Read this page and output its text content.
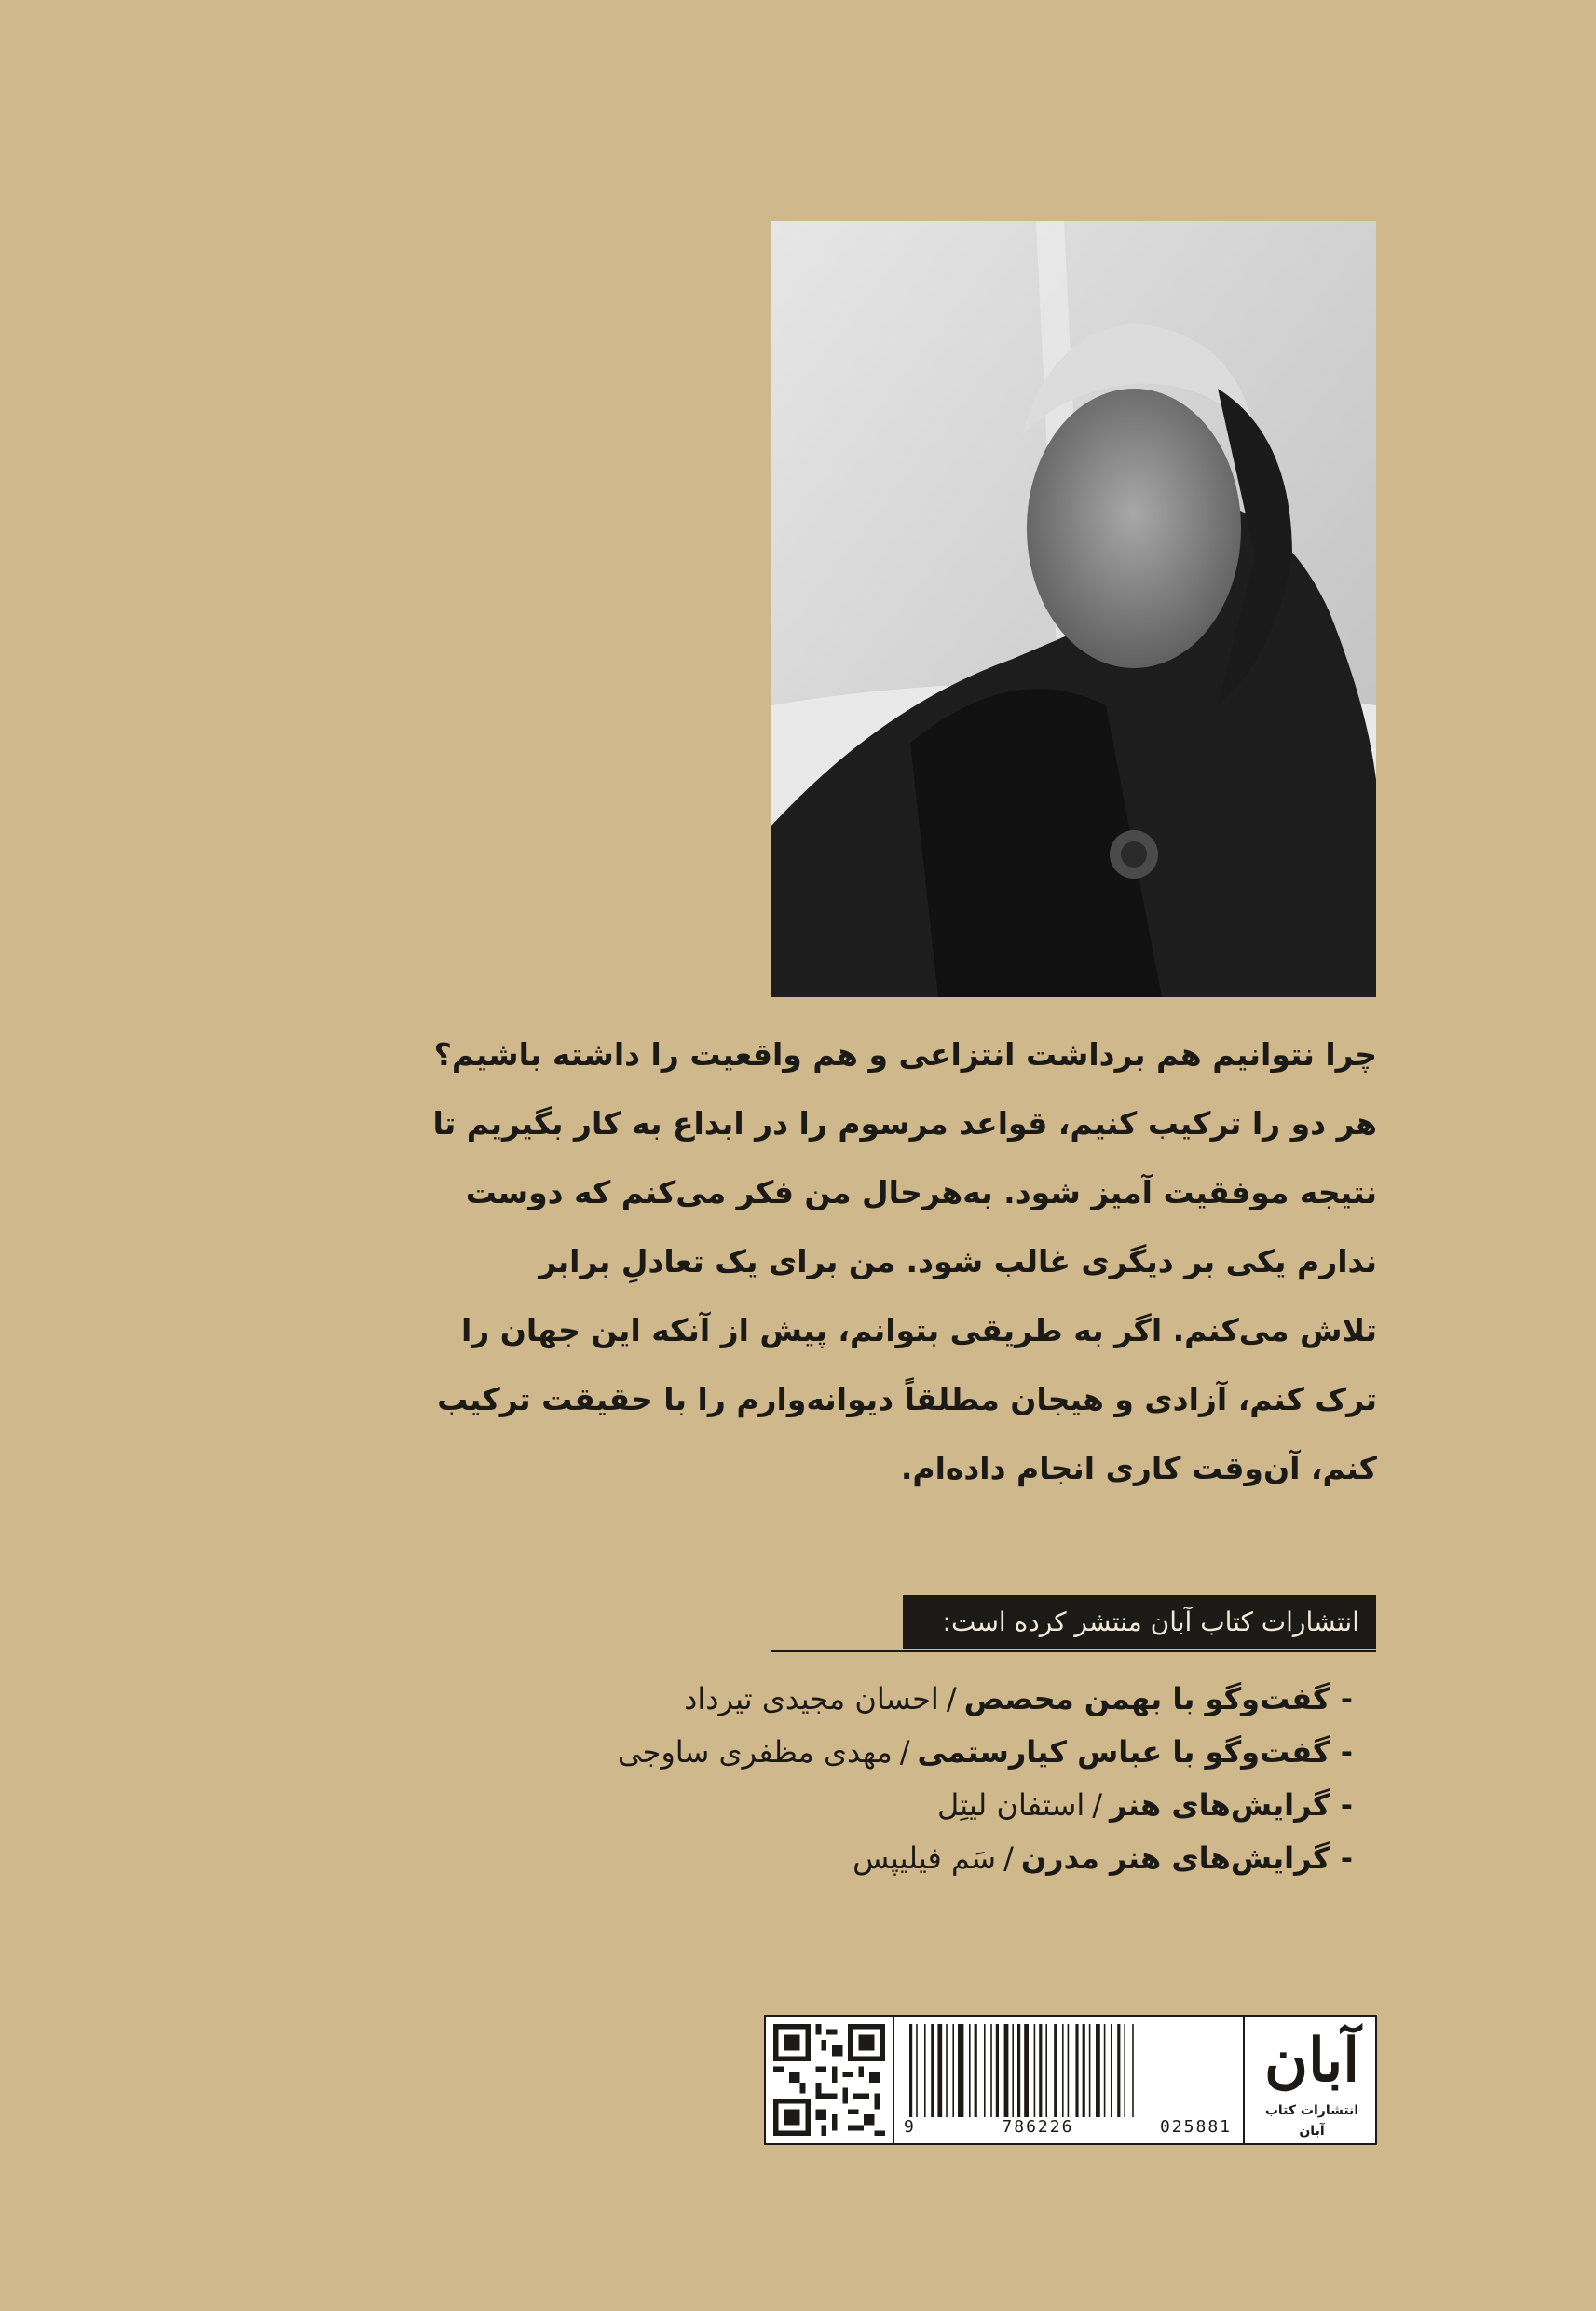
چرا نتوانیم هم برداشت انتزاعی و هم واقعیت را داشته باشیم؟
هر دو را ترکیب کنیم، قواعد مرسوم را در ابداع به کار بگیریم تا
نتیجه موفقیت آمیز شود. به‌هرحال من فکر می‌کنم که دوست
ندارم یکی بر دیگری غالب شود. من برای یک تعادلِ برابر
تلاش می‌کنم. اگر به طریقی بتوانم، پیش از آنکه این جهان را
ترک کنم، آزادی و هیجان مطلقاً دیوانه‌وارم را با حقیقت ترکیب
کنم، آن‌وقت کاری انجام داده‌ام.
انتشارات کتاب آبان منتشر کرده است:
- گفت‌وگو با بهمن محصص/احسان مجیدی تیرداد
- گفت‌وگو با عباس کیارستمی/مهدی مظفری ساوجی
- گرایش‌های هنر/استفان لیتِل
- گرایش‌های هنر مدرن/سَم فیلیپس
9	786226	025881
آبان
انتشارات کتاب آبان
